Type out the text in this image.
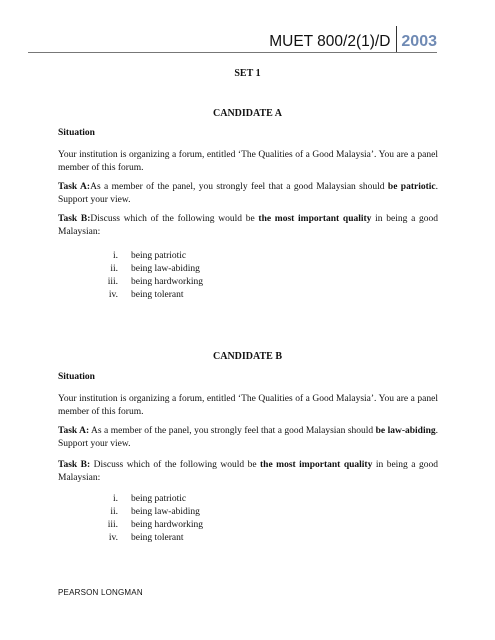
MUET 800/2(1)/D 2003
SET 1
CANDIDATE A
Situation
Your institution is organizing a forum, entitled ‘The Qualities of a Good Malaysia’. You are a panel member of this forum.
Task A:As a member of the panel, you strongly feel that a good Malaysian should be patriotic. Support your view.
Task B:Discuss which of the following would be the most important quality in being a good Malaysian:
i. being patriotic
ii. being law-abiding
iii. being hardworking
iv. being tolerant
CANDIDATE B
Situation
Your institution is organizing a forum, entitled ‘The Qualities of a Good Malaysia’. You are a panel member of this forum.
Task A: As a member of the panel, you strongly feel that a good Malaysian should be law-abiding. Support your view.
Task B: Discuss which of the following would be the most important quality in being a good Malaysian:
i. being patriotic
ii. being law-abiding
iii. being hardworking
iv. being tolerant
PEARSON LONGMAN
